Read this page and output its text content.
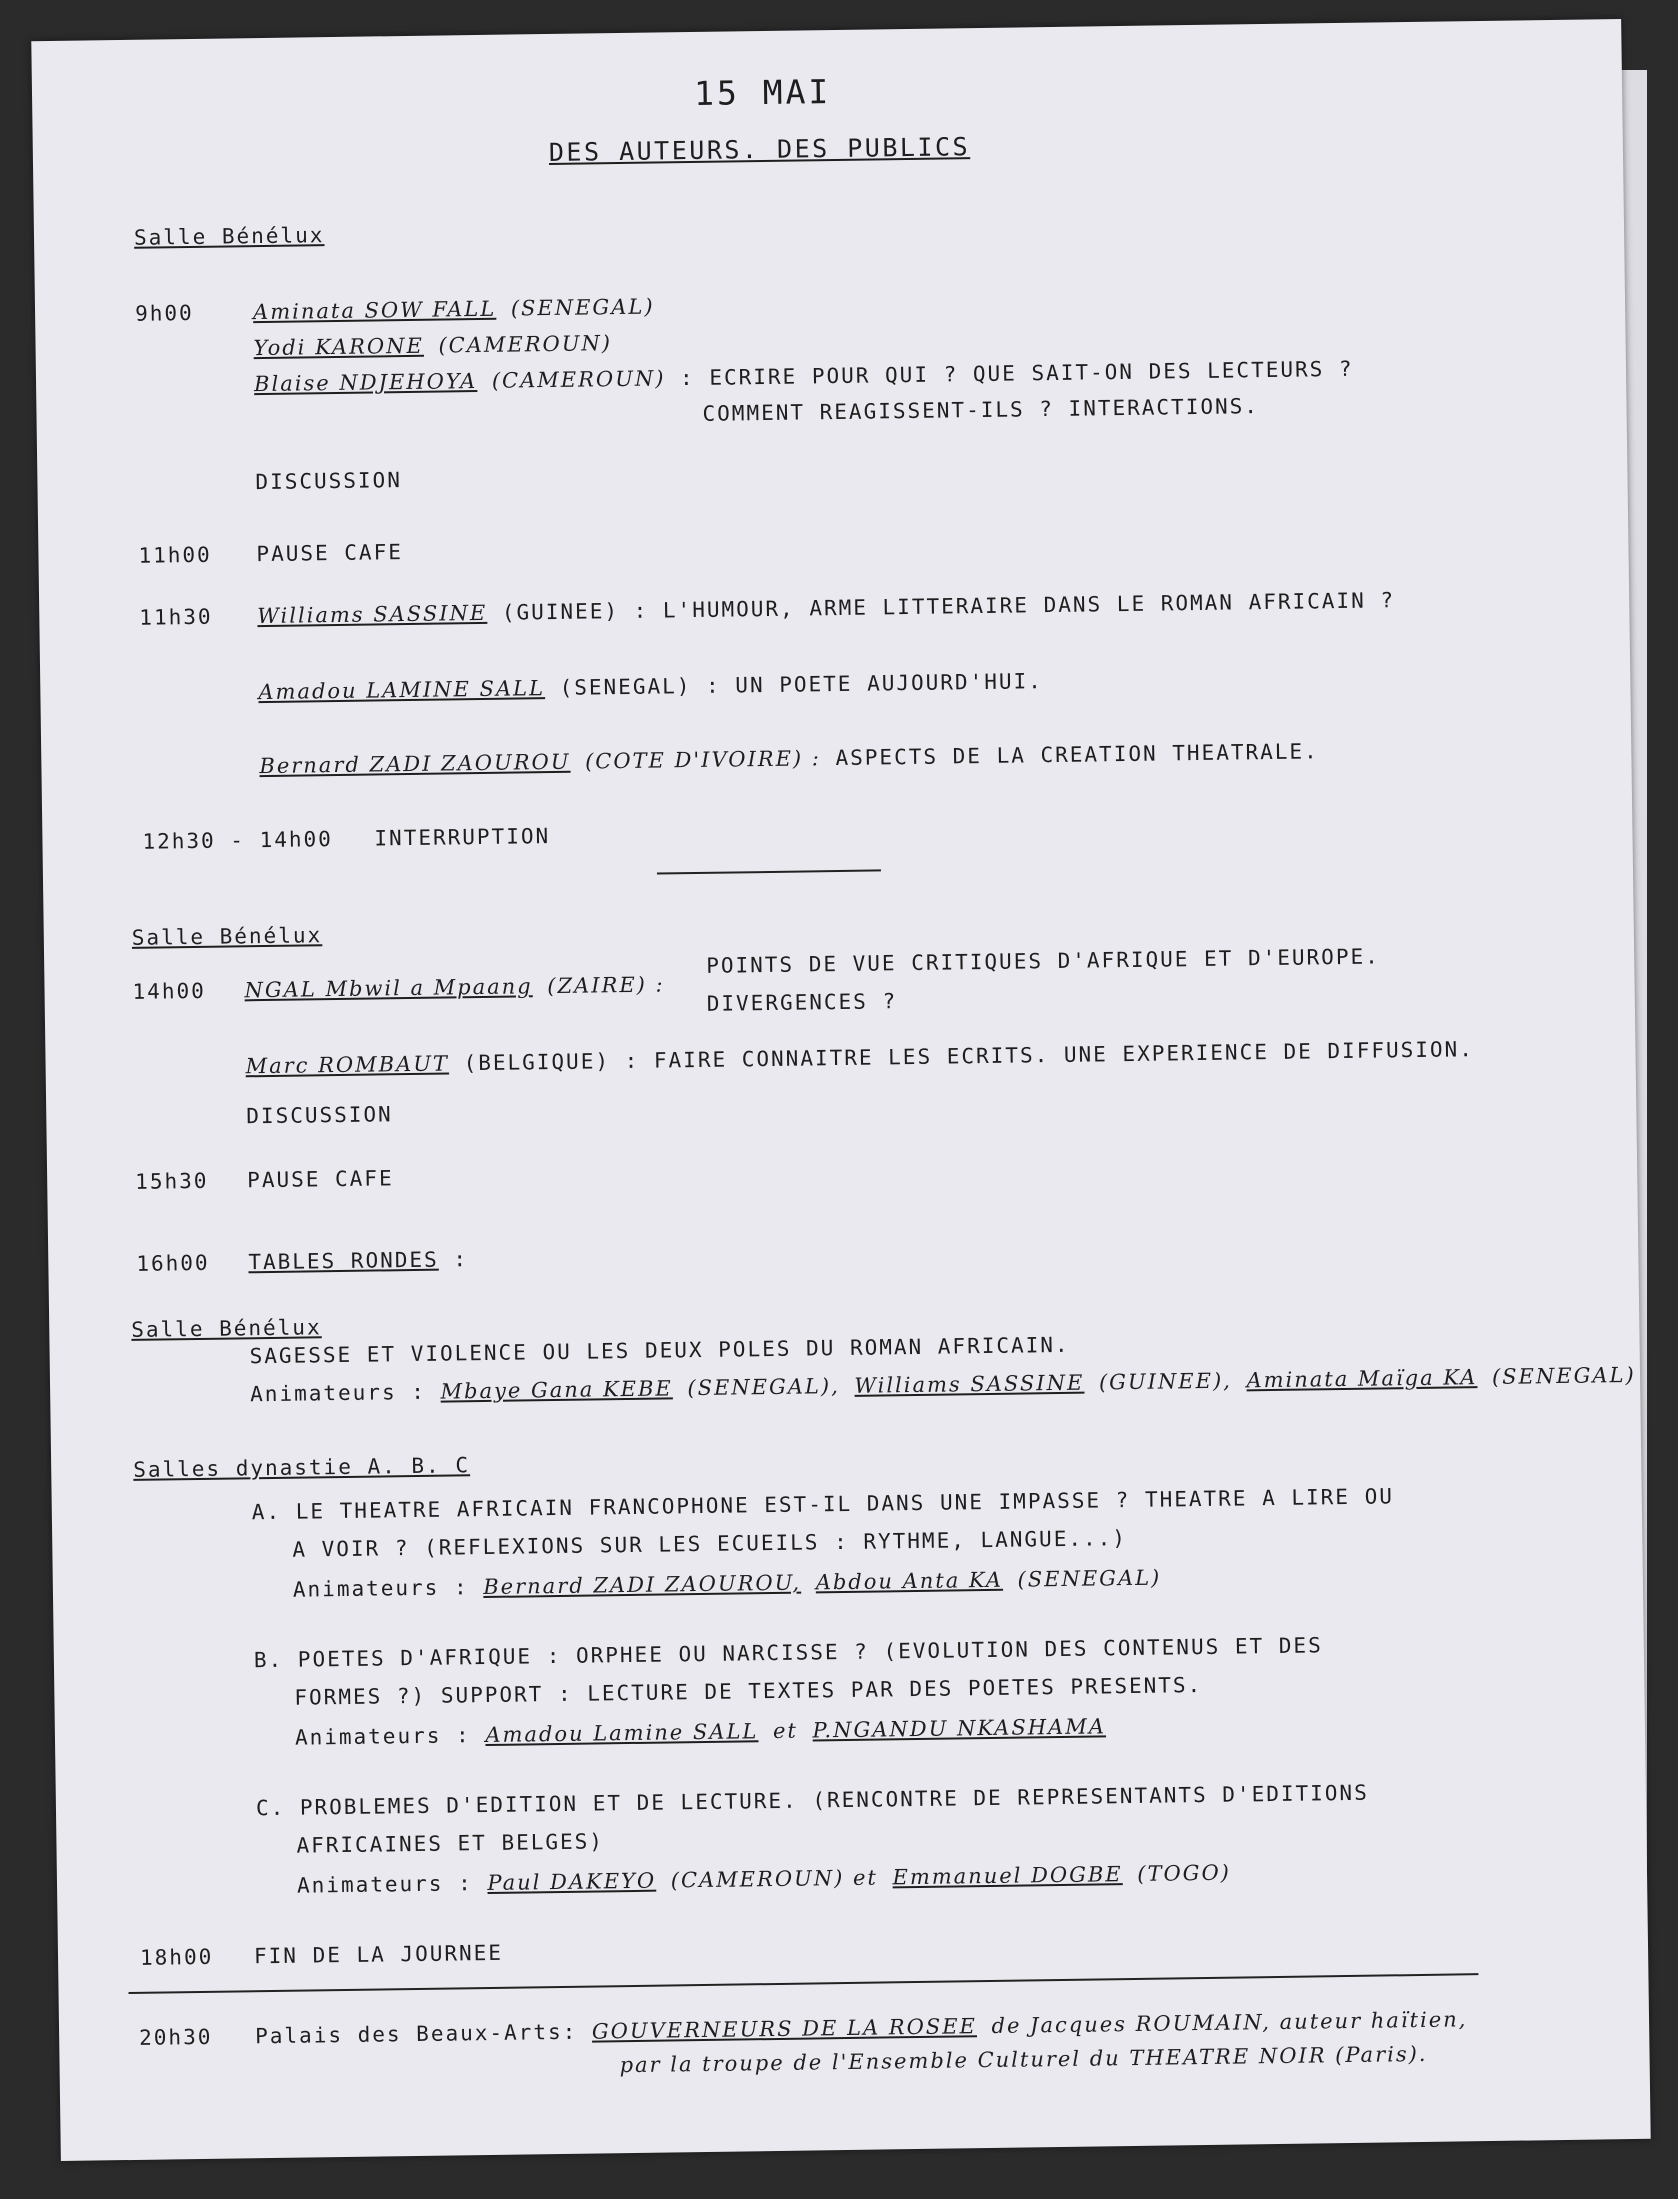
15 MAI
DES AUTEURS. DES PUBLICS
Salle Bénélux
9h00	Aminata SOW FALL (SENEGAL)
Yodi KARONE (CAMEROUN)
Blaise NDJEHOYA (CAMEROUN) : ECRIRE POUR QUI ? QUE SAIT-ON DES LECTEURS ?
COMMENT REAGISSENT-ILS ? INTERACTIONS.
DISCUSSION
11h00 PAUSE CAFE
11h30 Williams SASSINE (GUINEE) : L'HUMOUR, ARME LITTERAIRE DANS LE ROMAN AFRICAIN ?
Amadou LAMINE SALL (SENEGAL) : UN POETE AUJOURD'HUI.
Bernard ZADI ZAOUROU (COTE D'IVOIRE) : ASPECTS DE LA CREATION THEATRALE.
12h30 - 14h00 INTERRUPTION
Salle Bénélux
14h00 NGAL Mbwil a Mpaang (ZAIRE) :
POINTS DE VUE CRITIQUES D'AFRIQUE ET D'EUROPE.
DIVERGENCES ?
Marc ROMBAUT (BELGIQUE) : FAIRE CONNAITRE LES ECRITS. UNE EXPERIENCE DE DIFFUSION.
DISCUSSION
15h30 PAUSE CAFE
16h00 TABLES RONDES :
Salle Bénélux
SAGESSE ET VIOLENCE OU LES DEUX POLES DU ROMAN AFRICAIN.
Animateurs : Mbaye Gana KEBE (SENEGAL), Williams SASSINE (GUINEE), Aminata Maïga KA (SENEGAL)
Salles dynastie A. B. C
A. LE THEATRE AFRICAIN FRANCOPHONE EST-IL DANS UNE IMPASSE ? THEATRE A LIRE OU
A VOIR ? (REFLEXIONS SUR LES ECUEILS : RYTHME, LANGUE...)
Animateurs : Bernard ZADI ZAOUROU, Abdou Anta KA (SENEGAL)
B. POETES D'AFRIQUE : ORPHEE OU NARCISSE ? (EVOLUTION DES CONTENUS ET DES
FORMES ?) SUPPORT : LECTURE DE TEXTES PAR DES POETES PRESENTS.
Animateurs : Amadou Lamine SALL et P.NGANDU NKASHAMA
C. PROBLEMES D'EDITION ET DE LECTURE. (RENCONTRE DE REPRESENTANTS D'EDITIONS
AFRICAINES ET BELGES)
Animateurs : Paul DAKEYO (CAMEROUN) et Emmanuel DOGBE (TOGO)
18h00 FIN DE LA JOURNEE
20h30 Palais des Beaux-Arts: GOUVERNEURS DE LA ROSEE de Jacques ROUMAIN, auteur haïtien,
par la troupe de l'Ensemble Culturel du THEATRE NOIR (Paris).
